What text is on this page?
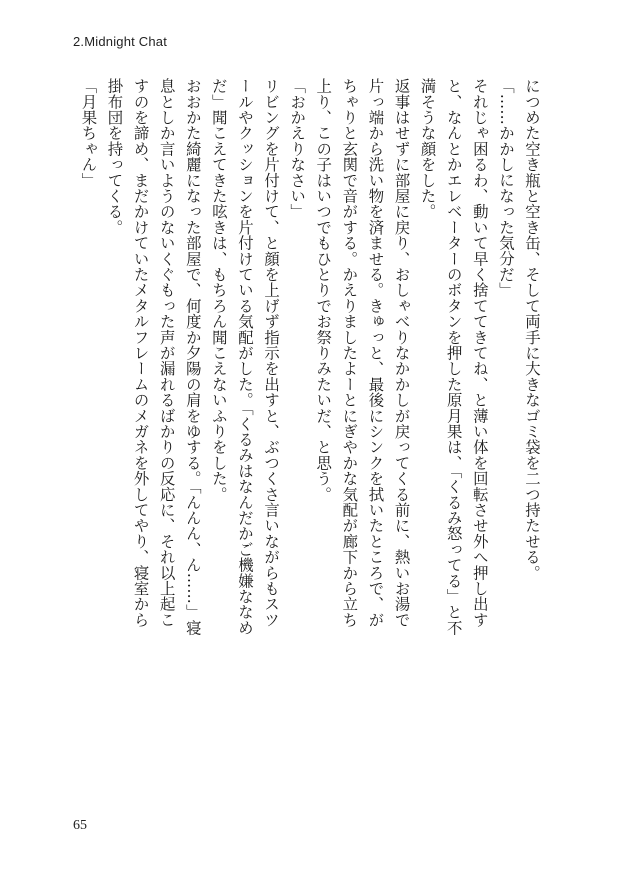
2.Midnight Chat

につめた空き瓶と空き缶、そして両手に大きなゴミ袋を二つ持たせる。

「……かかしになった気分だ」

それじゃ困るわ、動いて早く捨ててきてね、と薄い体を回転させ外へ押し出すと、なんとかエレベーターのボタンを押した原月果は、「くるみ怒ってる」と不満そうな顔をした。

返事はせずに部屋に戻り、おしゃべりなかかしが戻ってくる前に、熱いお湯で片っ端から洗い物を済ませる。きゅっと、最後にシンクを拭いたところで、がちゃりと玄関で音がする。かえりましたよーとにぎやかな気配が廊下から立ち上り、この子はいつでもひとりでお祭りみたいだ、と思う。

「おかえりなさい」

リビングを片付けて、と顔を上げず指示を出すと、ぶつくさ言いながらもスツールやクッションを片付けている気配がした。「くるみはなんだかご機嫌ななめだ」聞こえてきた呟きは、もちろん聞こえないふりをした。

おおかた綺麗になった部屋で、何度か夕陽の肩をゆする。「んんん、ん……」寝息としか言いようのないくぐもった声が漏れるばかりの反応に、それ以上起こすのを諦め、まだかけていたメタルフレームのメガネを外してやり、寝室から掛布団を持ってくる。

「月果ちゃん」

65
